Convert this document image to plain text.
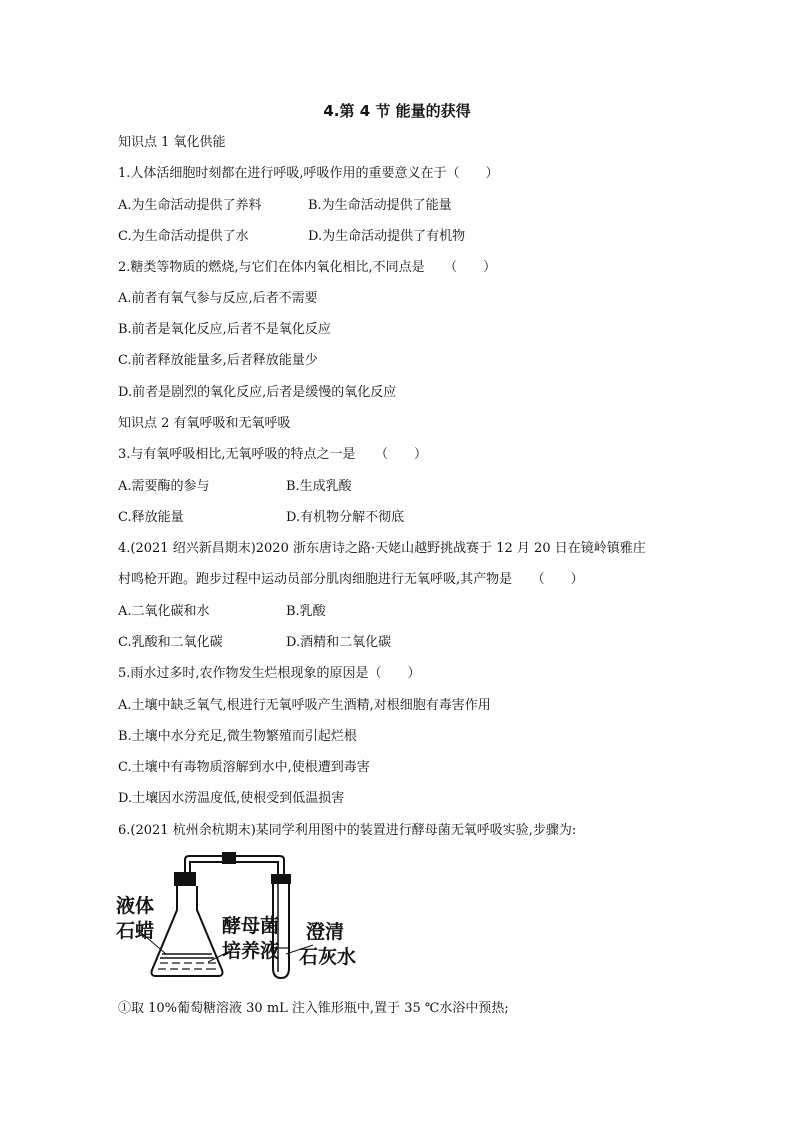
4.第 4 节 能量的获得
知识点 1 氧化供能
1.人体活细胞时刻都在进行呼吸,呼吸作用的重要意义在于（　　）
A.为生命活动提供了养料	B.为生命活动提供了能量
C.为生命活动提供了水	D.为生命活动提供了有机物
2.糖类等物质的燃烧,与它们在体内氧化相比,不同点是　　（　　）
A.前者有氧气参与反应,后者不需要
B.前者是氧化反应,后者不是氧化反应
C.前者释放能量多,后者释放能量少
D.前者是剧烈的氧化反应,后者是缓慢的氧化反应
知识点 2 有氧呼吸和无氧呼吸
3.与有氧呼吸相比,无氧呼吸的特点之一是　　（　　）
A.需要酶的参与	B.生成乳酸
C.释放能量	D.有机物分解不彻底
4.(2021 绍兴新昌期末)2020 浙东唐诗之路·天姥山越野挑战赛于 12 月 20 日在镜岭镇雅庄
村鸣枪开跑。跑步过程中运动员部分肌肉细胞进行无氧呼吸,其产物是　　（　　）
A.二氧化碳和水	B.乳酸
C.乳酸和二氧化碳	D.酒精和二氧化碳
5.雨水过多时,农作物发生烂根现象的原因是（　　）
A.土壤中缺乏氧气,根进行无氧呼吸产生酒精,对根细胞有毒害作用
B.土壤中水分充足,微生物繁殖而引起烂根
C.土壤中有毒物质溶解到水中,使根遭到毒害
D.土壤因水涝温度低,使根受到低温损害
6.(2021 杭州余杭期末)某同学利用图中的装置进行酵母菌无氧呼吸实验,步骤为:
液体
石蜡	酵母菌
培养液
澄清
石灰水
①取 10%葡萄糖溶液 30 mL 注入锥形瓶中,置于 35 ℃水浴中预热;
